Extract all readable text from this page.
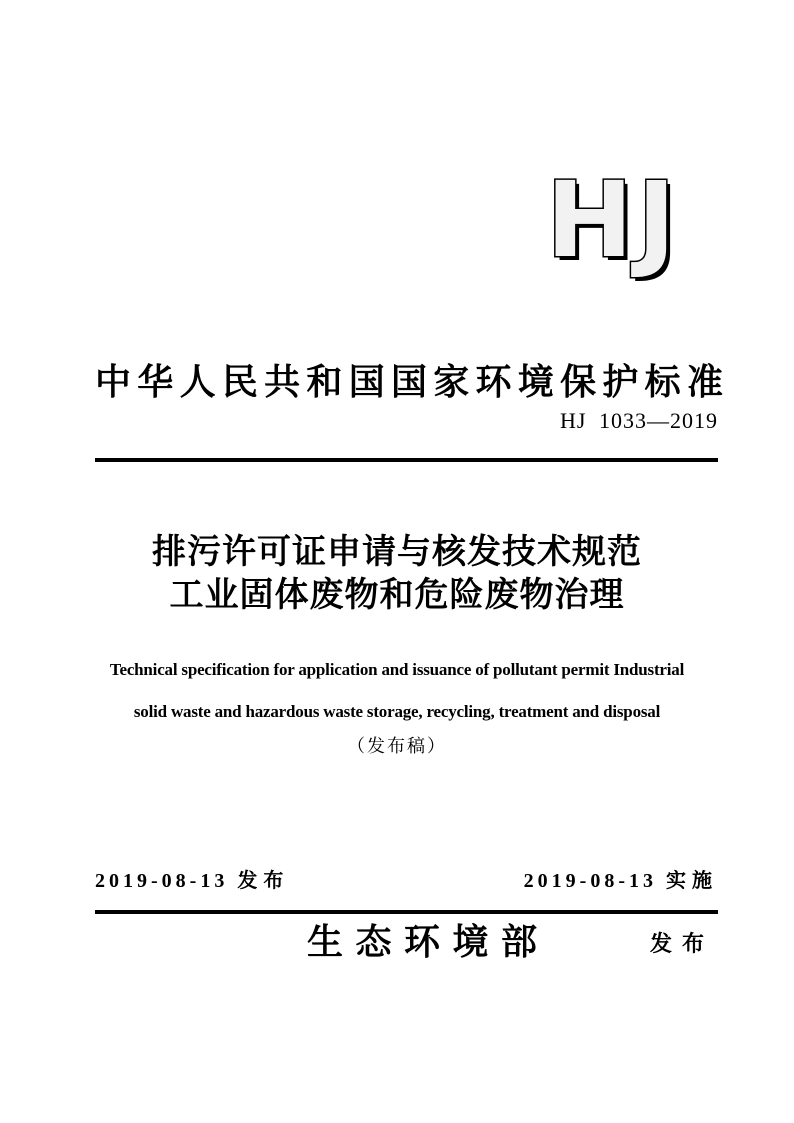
HJ
中 华 人 民 共 和 国 国 家 环 境 保 护 标 准
HJ 1033—2019
排污许可证申请与核发技术规范
工业固体废物和危险废物治理
Technical specification for application and issuance of pollutant permit Industrial
solid waste and hazardous waste storage, recycling, treatment and disposal
（发布稿）
2019-08-13 发布	2019-08-13 实施
生 态 环 境 部	发 布
